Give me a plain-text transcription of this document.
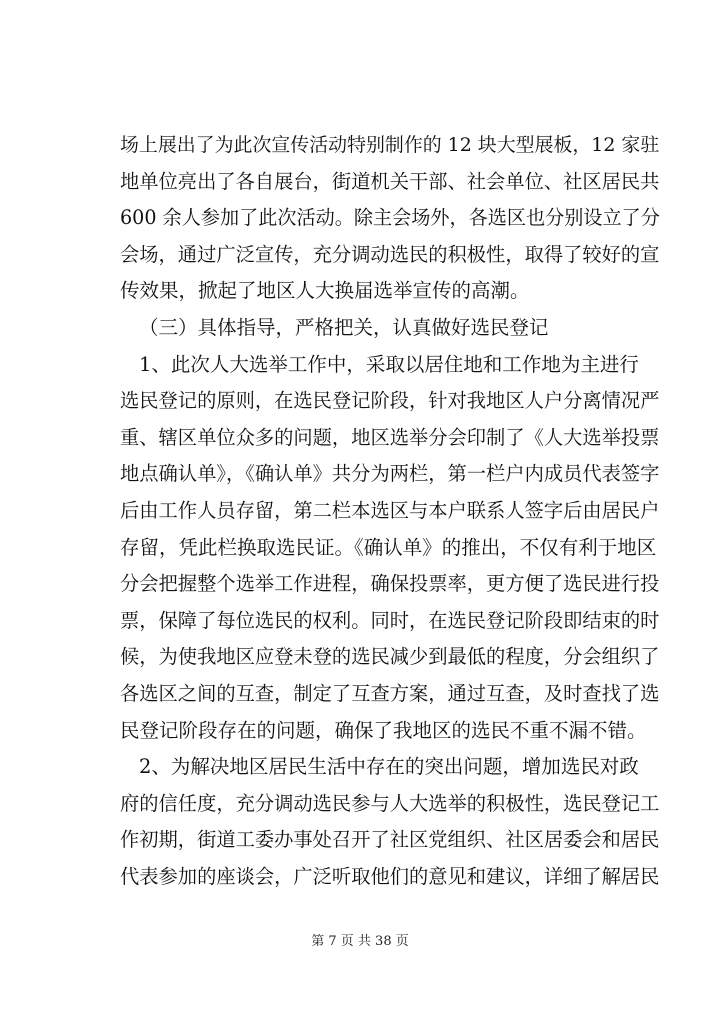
场上展出了为此次宣传活动特别制作的 12 块大型展板，12 家驻
地单位亮出了各自展台，街道机关干部、社会单位、社区居民共
600 余人参加了此次活动。除主会场外，各选区也分别设立了分
会场，通过广泛宣传，充分调动选民的积极性，取得了较好的宣
传效果，掀起了地区人大换届选举宣传的高潮。
（三）具体指导，严格把关，认真做好选民登记
1、此次人大选举工作中，采取以居住地和工作地为主进行
选民登记的原则，在选民登记阶段，针对我地区人户分离情况严
重、辖区单位众多的问题，地区选举分会印制了《人大选举投票
地点确认单》，《确认单》共分为两栏，第一栏户内成员代表签字
后由工作人员存留，第二栏本选区与本户联系人签字后由居民户
存留，凭此栏换取选民证。《确认单》的推出，不仅有利于地区
分会把握整个选举工作进程，确保投票率，更方便了选民进行投
票，保障了每位选民的权利。同时，在选民登记阶段即结束的时
候，为使我地区应登未登的选民减少到最低的程度，分会组织了
各选区之间的互查，制定了互查方案，通过互查，及时查找了选
民登记阶段存在的问题，确保了我地区的选民不重不漏不错。
2、为解决地区居民生活中存在的突出问题，增加选民对政
府的信任度，充分调动选民参与人大选举的积极性，选民登记工
作初期，街道工委办事处召开了社区党组织、社区居委会和居民
代表参加的座谈会，广泛听取他们的意见和建议，详细了解居民
第 7 页 共 38 页
